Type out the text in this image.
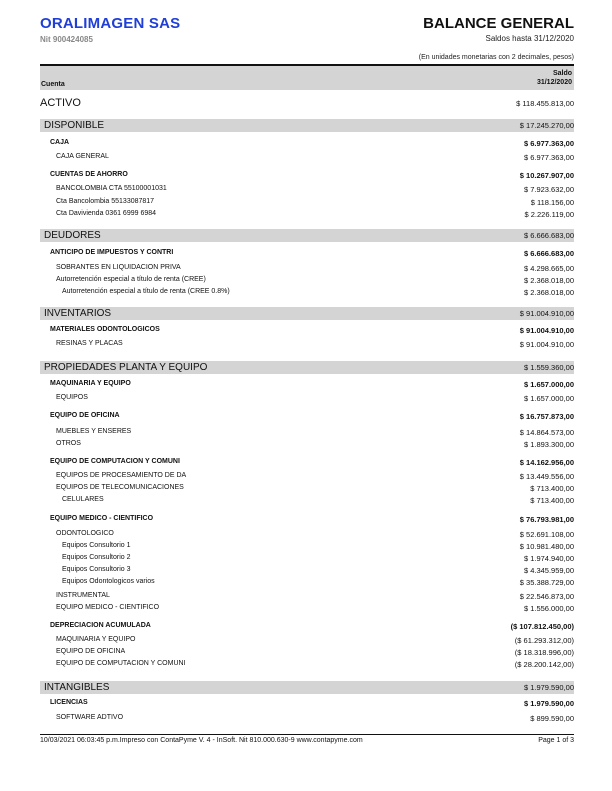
ORALIMAGEN SAS
Nit 900424085
BALANCE GENERAL
Saldos hasta 31/12/2020
(En unidades monetarias con 2 decimales, pesos)
Cuenta
Saldo
31/12/2020
ACTIVO	$ 118.455.813,00
DISPONIBLE	$ 17.245.270,00
CAJA	$ 6.977.363,00
CAJA GENERAL	$ 6.977.363,00
CUENTAS DE AHORRO	$ 10.267.907,00
BANCOLOMBIA CTA 55100001031	$ 7.923.632,00
Cta Bancolombia 55133087817	$ 118.156,00
Cta Davivienda 0361 6999 6984	$ 2.226.119,00
DEUDORES	$ 6.666.683,00
ANTICIPO DE IMPUESTOS Y CONTRI	$ 6.666.683,00
SOBRANTES EN LIQUIDACION PRIVA	$ 4.298.665,00
Autorretención especial a título de renta (CREE)	$ 2.368.018,00
Autorretención especial a título de renta (CREE 0.8%)	$ 2.368.018,00
INVENTARIOS	$ 91.004.910,00
MATERIALES ODONTOLOGICOS	$ 91.004.910,00
RESINAS Y PLACAS	$ 91.004.910,00
PROPIEDADES PLANTA Y EQUIPO	$ 1.559.360,00
MAQUINARIA Y EQUIPO	$ 1.657.000,00
EQUIPOS	$ 1.657.000,00
EQUIPO DE OFICINA	$ 16.757.873,00
MUEBLES Y ENSERES	$ 14.864.573,00
OTROS	$ 1.893.300,00
EQUIPO DE COMPUTACION Y COMUNI	$ 14.162.956,00
EQUIPOS DE PROCESAMIENTO DE DA	$ 13.449.556,00
EQUIPOS DE TELECOMUNICACIONES	$ 713.400,00
CELULARES	$ 713.400,00
EQUIPO MEDICO - CIENTIFICO	$ 76.793.981,00
ODONTOLOGICO	$ 52.691.108,00
Equipos Consultorio 1	$ 10.981.480,00
Equipos Consultorio 2	$ 1.974.940,00
Equipos Consultorio 3	$ 4.345.959,00
Equipos Odontologicos varios	$ 35.388.729,00
INSTRUMENTAL	$ 22.546.873,00
EQUIPO MEDICO - CIENTIFICO	$ 1.556.000,00
DEPRECIACION ACUMULADA	($ 107.812.450,00)
MAQUINARIA Y EQUIPO	($ 61.293.312,00)
EQUIPO DE OFICINA	($ 18.318.996,00)
EQUIPO DE COMPUTACION Y COMUNI	($ 28.200.142,00)
INTANGIBLES	$ 1.979.590,00
LICENCIAS	$ 1.979.590,00
SOFTWARE ADTIVO	$ 899.590,00
10/03/2021 06:03:45 p.m.Impreso con ContaPyme V. 4 - InSoft. Nit 810.000.630-9 www.contapyme.com	Page 1 of 3
